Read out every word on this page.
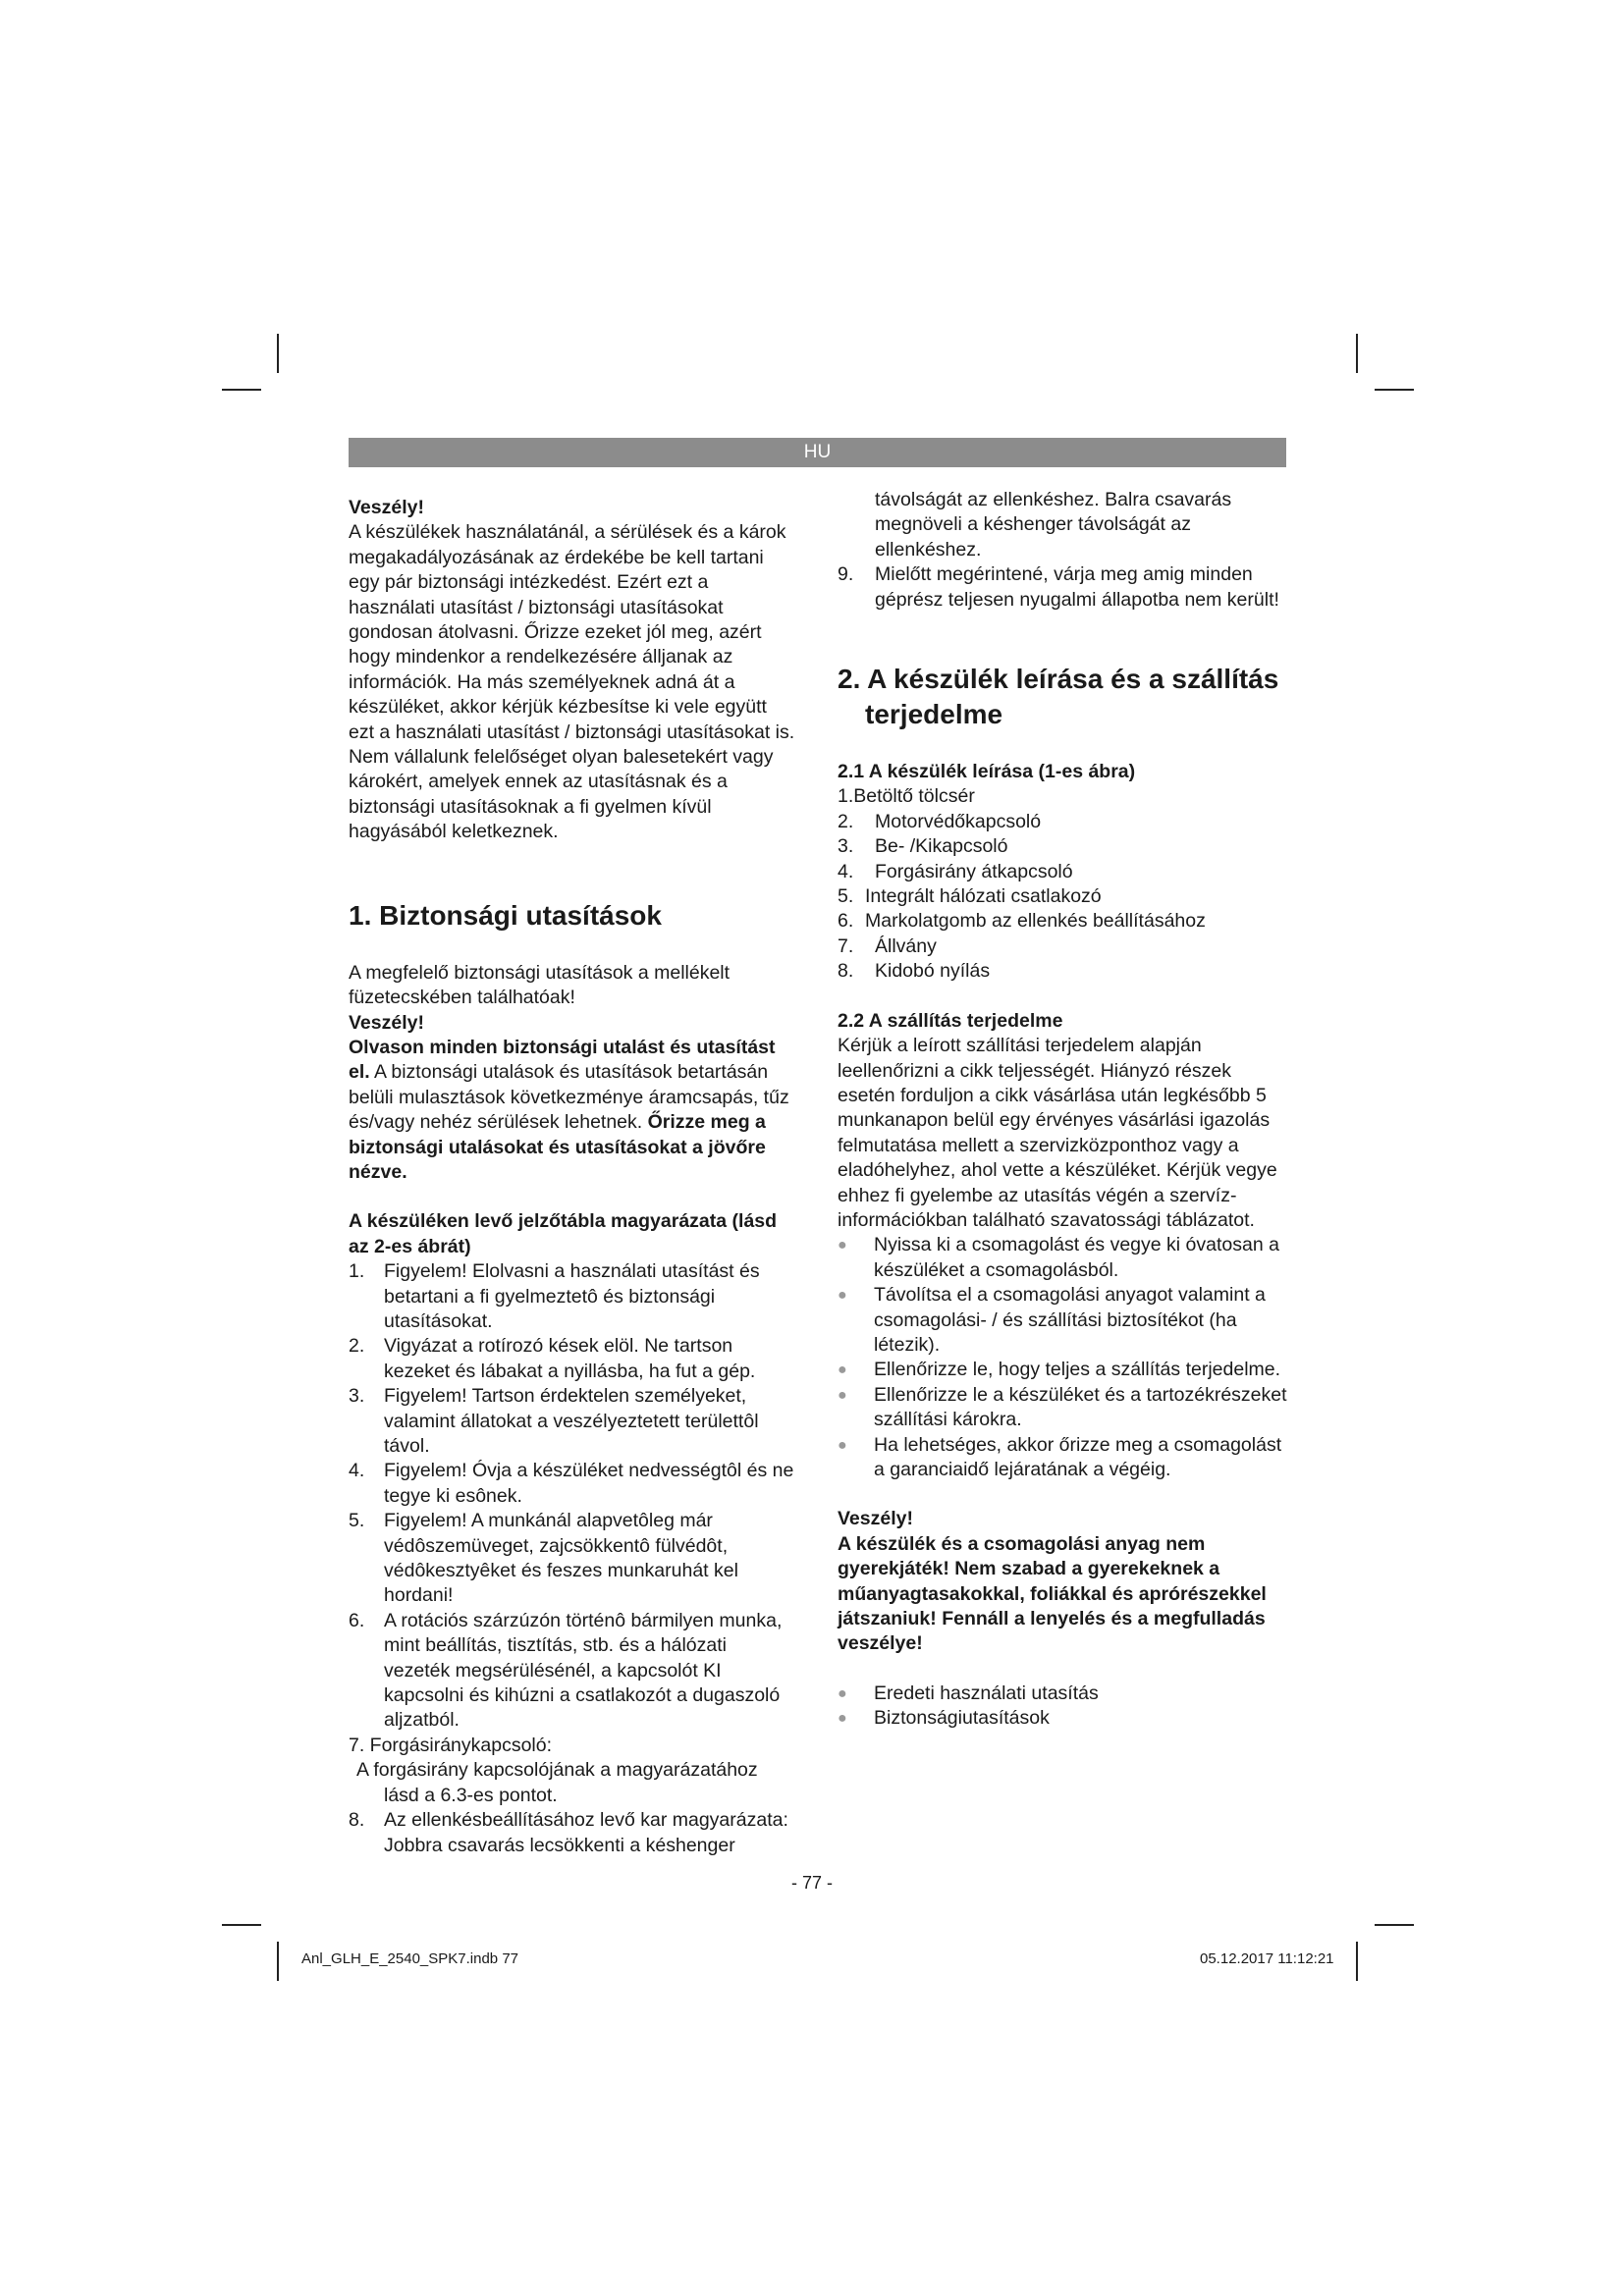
HU

Veszély!

A készülékek használatánál, a sérülések és a károk megakadályozásának az érdekébe be kell tartani egy pár biztonsági intézkedést. Ezért ezt a használati utasítást / biztonsági utasításokat gondosan átolvasni. Őrizze ezeket jól meg, azért hogy mindenkor a rendelkezésére álljanak az információk. Ha más személyeknek adná át a készüléket, akkor kérjük kézbesítse ki vele együtt ezt a használati utasítást / biztonsági utasításokat is. Nem vállalunk felelőséget olyan balesetekért vagy károkért, amelyek ennek az utasításnak és a biztonsági utasításoknak a fi gyelmen kívül hagyásából keletkeznek.

1. Biztonsági utasítások

A megfelelő biztonsági utasítások a mellékelt füzetecskében találhatóak!

Veszély!

Olvason minden biztonsági utalást és utasítást el. A biztonsági utalások és utasítások betartásán belüli mulasztások következménye áramcsapás, tűz és/vagy nehéz sérülések lehetnek. Őrizze meg a biztonsági utalásokat és utasításokat a jövőre nézve.

A készüléken levő jelzőtábla magyarázata (lásd az 2-es ábrát)

1. Figyelem! Elolvasni a használati utasítást és betartani a fi gyelmeztetô és biztonsági utasításokat.
2. Vigyázat a rotírozó kések elöl. Ne tartson kezeket és lábakat a nyillásba, ha fut a gép.
3. Figyelem! Tartson érdektelen személyeket, valamint állatokat a veszélyeztetett területtôl távol.
4. Figyelem! Óvja a készüléket nedvességtôl és ne tegye ki esônek.
5. Figyelem! A munkánál alapvetôleg már védôszemüveget, zajcsökkentô fülvédôt, védôkesztyêket és feszes munkaruhát kel hordani!
6. A rotációs szárzúzón történô bármilyen munka, mint beállítás, tisztítás, stb. és a hálózati vezeték megsérülésénél, a kapcsolót KI kapcsolni és kihúzni a csatlakozót a dugaszoló aljzatból.

7. Forgásiránykapcsoló:

A forgásirány kapcsolójának a magyarázatához lásd a 6.3-es pontot.

8. Az ellenkésbeállításához levő kar magyarázata: Jobbra csavarás lecsökkenti a késhenger

távolságát az ellenkéshez. Balra csavarás megnöveli a késhenger távolságát az ellenkéshez.

9. Mielőtt megérintené, várja meg amig minden géprész teljesen nyugalmi állapotba nem került!

2. A készülék leírása és a szállítás terjedelme

2.1 A készülék leírása (1-es ábra)

1.Betöltő tölcsér

2. Motorvédőkapcsoló
3. Be- /Kikapcsoló
4. Forgásirány átkapcsoló
5. Integrált hálózati csatlakozó
6. Markolatgomb az ellenkés beállításához
7. Állvány
8. Kidobó nyílás

2.2 A szállítás terjedelme

Kérjük a leírott szállítási terjedelem alapján leellenőrizni a cikk teljességét. Hiányzó részek esetén forduljon a cikk vásárlása után legkésőbb 5 munkanapon belül egy érvényes vásárlási igazolás felmutatása mellett a szervizközponthoz vagy a eladóhelyhez, ahol vette a készüléket. Kérjük vegye ehhez fi gyelembe az utasítás végén a szervíz-információkban található szavatossági táblázatot.

● Nyissa ki a csomagolást és vegye ki óvatosan a készüléket a csomagolásból.
● Távolítsa el a csomagolási anyagot valamint a csomagolási- / és szállítási biztosítékot (ha létezik).
● Ellenőrizze le, hogy teljes a szállítás terjedelme.
● Ellenőrizze le a készüléket és a tartozékrészeket szállítási károkra.
● Ha lehetséges, akkor őrizze meg a csomagolást a garanciaidő lejáratának a végéig.

Veszély!

A készülék és a csomagolási anyag nem gyerekjáték! Nem szabad a gyerekeknek a műanyagtasakokkal, foliákkal és aprórészekkel játszaniuk! Fennáll a lenyelés és a megfulladás veszélye!

● Eredeti használati utasítás
● Biztonságiutasítások
- 77 -
Anl_GLH_E_2540_SPK7.indb 77	05.12.2017 11:12:21
